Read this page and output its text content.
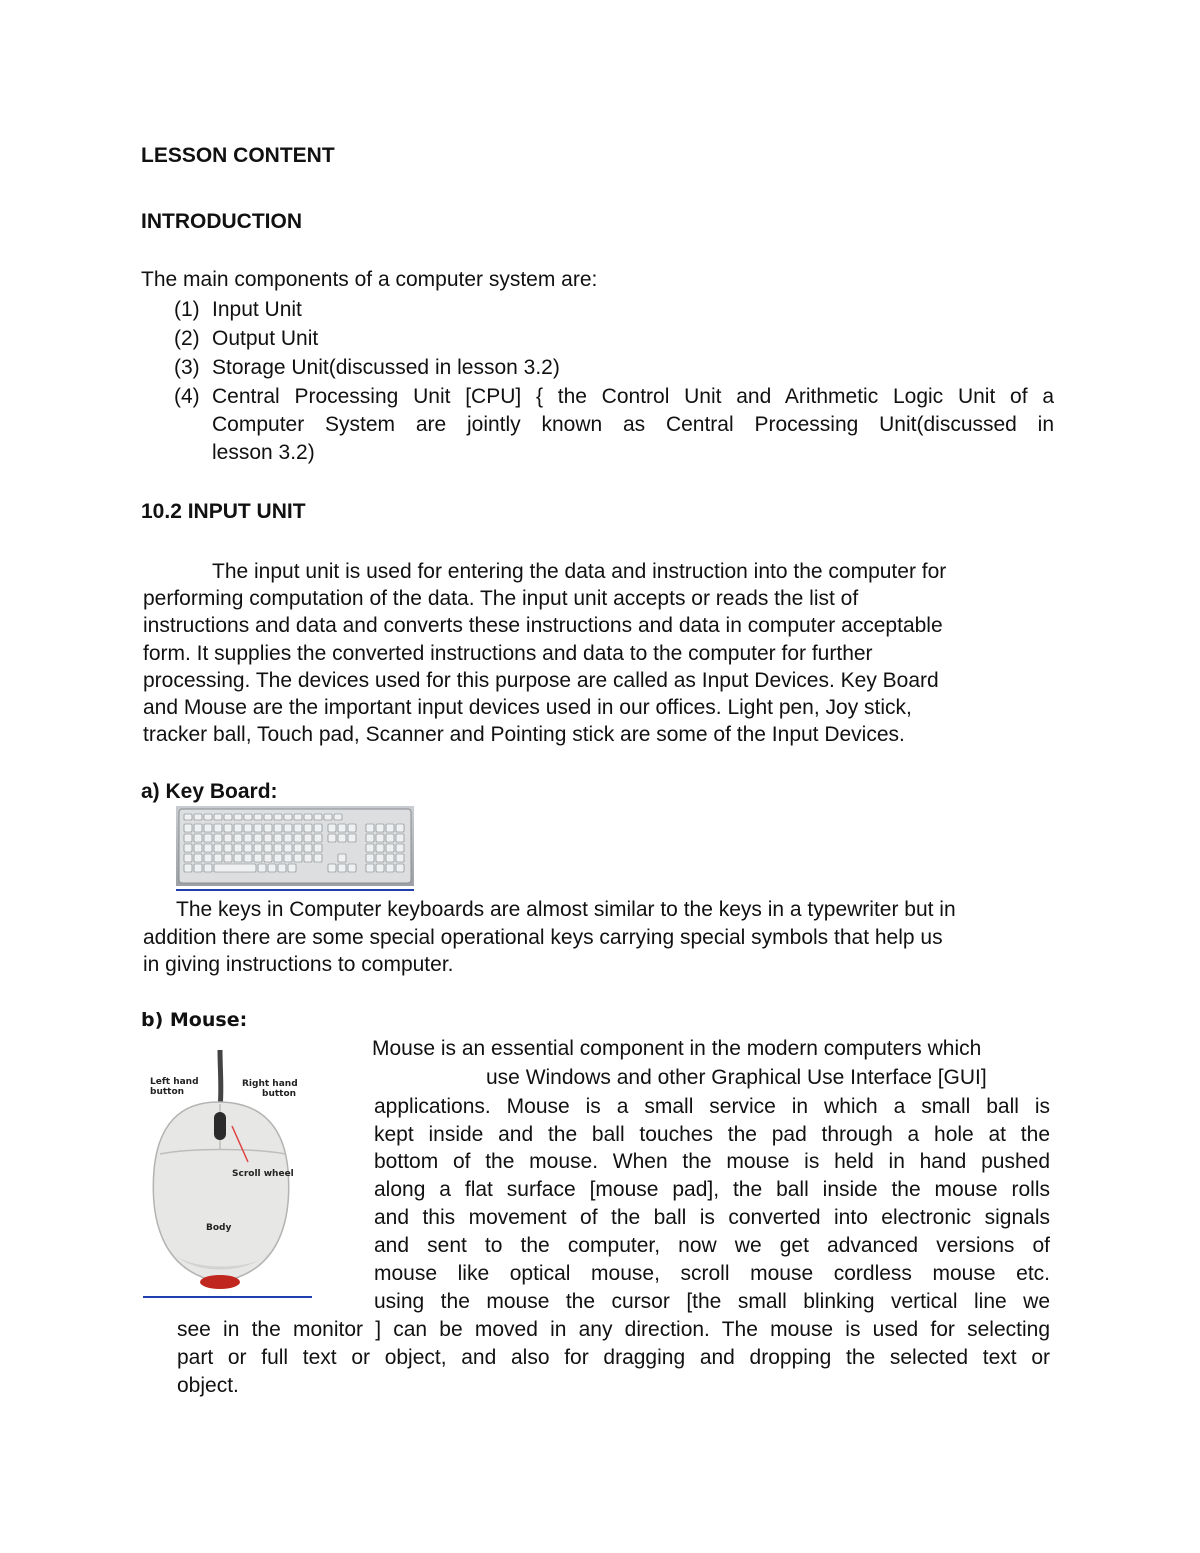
LESSON CONTENT
INTRODUCTION
The main components of a computer system are:
(1) Input Unit
(2) Output Unit
(3) Storage Unit(discussed in lesson 3.2)
(4) Central Processing Unit [CPU] { the Control Unit and Arithmetic Logic Unit of a
Computer System are jointly known as Central Processing Unit(discussed in
lesson 3.2)
10.2 INPUT UNIT
The input unit is used for entering the data and instruction into the computer for
performing computation of the data. The input unit accepts or reads the list of
instructions and data and converts these instructions and data in computer acceptable
form. It supplies the converted instructions and data to the computer for further
processing. The devices used for this purpose are called as Input Devices. Key Board
and Mouse are the important input devices used in our offices. Light pen, Joy stick,
tracker ball, Touch pad, Scanner and Pointing stick are some of the Input Devices.
a) Key Board:
The keys in Computer keyboards are almost similar to the keys in a typewriter but in
addition there are some special operational keys carrying special symbols that help us
in giving instructions to computer.
b) Mouse:
Left hand
button
Right hand
button
Scroll wheel
Body
Mouse is an essential component in the modern computers which
use Windows and other Graphical Use Interface [GUI]
applications. Mouse is a small service in which a small ball is
kept inside and the ball touches the pad through a hole at the
bottom of the mouse. When the mouse is held in hand pushed
along a flat surface [mouse pad], the ball inside the mouse rolls
and this movement of the ball is converted into electronic signals
and sent to the computer, now we get advanced versions of
mouse like optical mouse, scroll mouse cordless mouse etc.
using the mouse the cursor [the small blinking vertical line we
see in the monitor ] can be moved in any direction. The mouse is used for selecting
part or full text or object, and also for dragging and dropping the selected text or
object.
